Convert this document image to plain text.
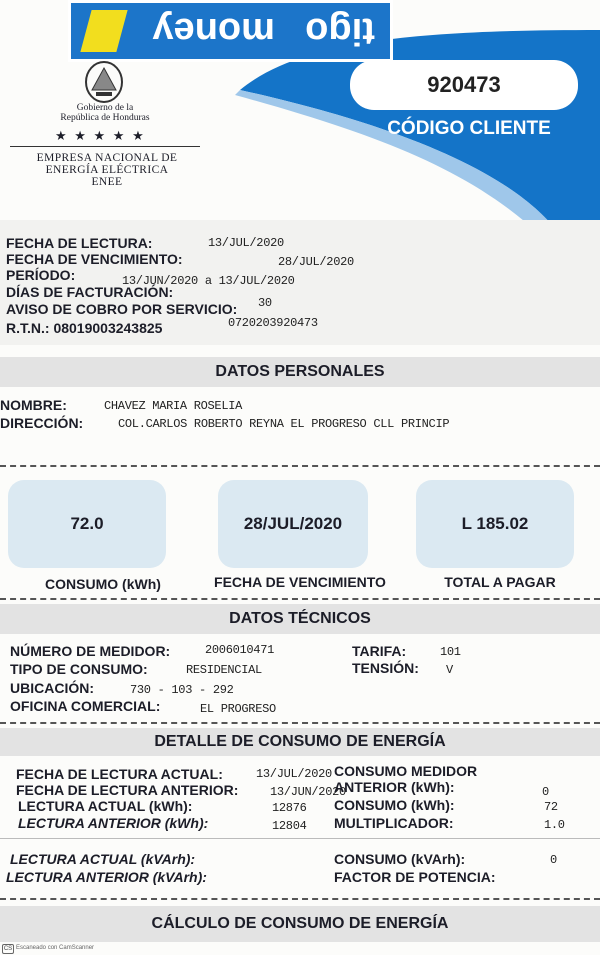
tigo
money
Gobierno de la
República de Honduras
★ ★ ★ ★ ★
EMPRESA NACIONAL DE
ENERGÍA ELÉCTRICA
ENEE
920473
CÓDIGO CLIENTE
FECHA DE LECTURA:	13/JUL/2020
FECHA DE VENCIMIENTO:	28/JUL/2020
PERÍODO:	13/JUN/2020 a 13/JUL/2020
DÍAS DE FACTURACIÓN:
30
AVISO DE COBRO POR SERVICIO:
0720203920473
R.T.N.: 08019003243825
DATOS PERSONALES
NOMBRE:	CHAVEZ MARIA ROSELIA
DIRECCIÓN:	COL.CARLOS ROBERTO REYNA EL PROGRESO CLL PRINCIP
72.0	28/JUL/2020	L 185.02
CONSUMO (kWh)	FECHA DE VENCIMIENTO	TOTAL A PAGAR
DATOS TÉCNICOS
NÚMERO DE MEDIDOR:	2006010471	TARIFA:	101
TIPO DE CONSUMO:	RESIDENCIAL	TENSIÓN: V
UBICACIÓN:	730 - 103 - 292
OFICINA COMERCIAL:	EL PROGRESO
DETALLE DE CONSUMO DE ENERGÍA
FECHA DE LECTURA ACTUAL:	13/JUL/2020
FECHA DE LECTURA ANTERIOR:	13/JUN/2020
LECTURA ACTUAL (kWh):	12876
LECTURA ANTERIOR (kWh):	12804
CONSUMO MEDIDOR
ANTERIOR (kWh):	0
CONSUMO (kWh):	72
MULTIPLICADOR:	1.0
LECTURA ACTUAL (kVArh):
LECTURA ANTERIOR (kVArh):
CONSUMO (kVArh):	0
FACTOR DE POTENCIA:
CÁLCULO DE CONSUMO DE ENERGÍA
CS Escaneado con CamScanner
